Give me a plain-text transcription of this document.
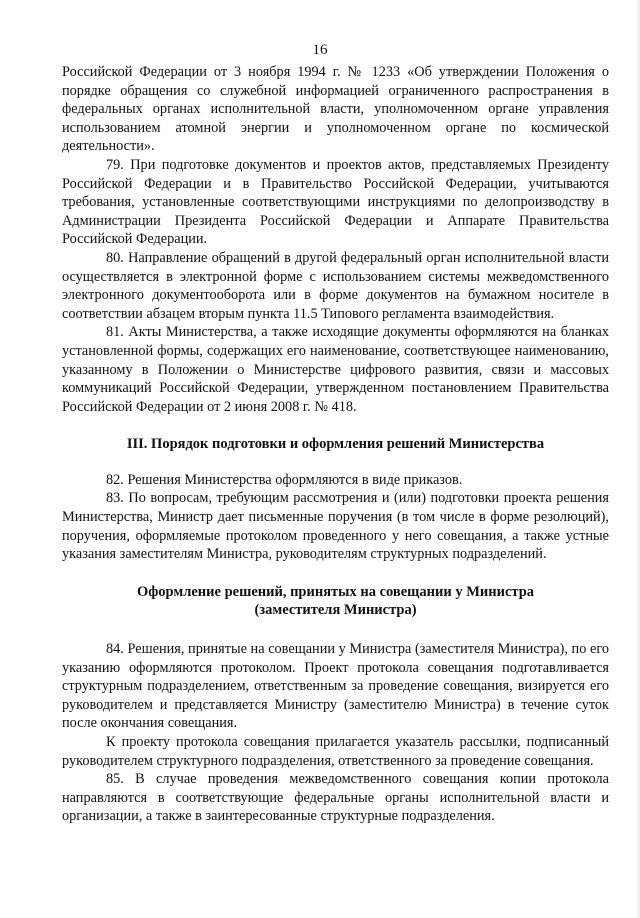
16

Российской Федерации от 3 ноября 1994 г. № 1233 «Об утверждении Положения о порядке обращения со служебной информацией ограниченного распространения в федеральных органах исполнительной власти, уполномоченном органе управления использованием атомной энергии и уполномоченном органе по космической деятельности».

79. При подготовке документов и проектов актов, представляемых Президенту Российской Федерации и в Правительство Российской Федерации, учитываются требования, установленные соответствующими инструкциями по делопроизводству в Администрации Президента Российской Федерации и Аппарате Правительства Российской Федерации.

80. Направление обращений в другой федеральный орган исполнительной власти осуществляется в электронной форме с использованием системы межведомственного электронного документооборота или в форме документов на бумажном носителе в соответствии абзацем вторым пункта 11.5 Типового регламента взаимодействия.

81. Акты Министерства, а также исходящие документы оформляются на бланках установленной формы, содержащих его наименование, соответствующее наименованию, указанному в Положении о Министерстве цифрового развития, связи и массовых коммуникаций Российской Федерации, утвержденном постановлением Правительства Российской Федерации от 2 июня 2008 г. № 418.

III. Порядок подготовки и оформления решений Министерства

82. Решения Министерства оформляются в виде приказов.

83. По вопросам, требующим рассмотрения и (или) подготовки проекта решения Министерства, Министр дает письменные поручения (в том числе в форме резолюций), поручения, оформляемые протоколом проведенного у него совещания, а также устные указания заместителям Министра, руководителям структурных подразделений.

Оформление решений, принятых на совещании у Министра
(заместителя Министра)

84. Решения, принятые на совещании у Министра (заместителя Министра), по его указанию оформляются протоколом. Проект протокола совещания подготавливается структурным подразделением, ответственным за проведение совещания, визируется его руководителем и представляется Министру (заместителю Министра) в течение суток после окончания совещания.

К проекту протокола совещания прилагается указатель рассылки, подписанный руководителем структурного подразделения, ответственного за проведение совещания.

85. В случае проведения межведомственного совещания копии протокола направляются в соответствующие федеральные органы исполнительной власти и организации, а также в заинтересованные структурные подразделения.
